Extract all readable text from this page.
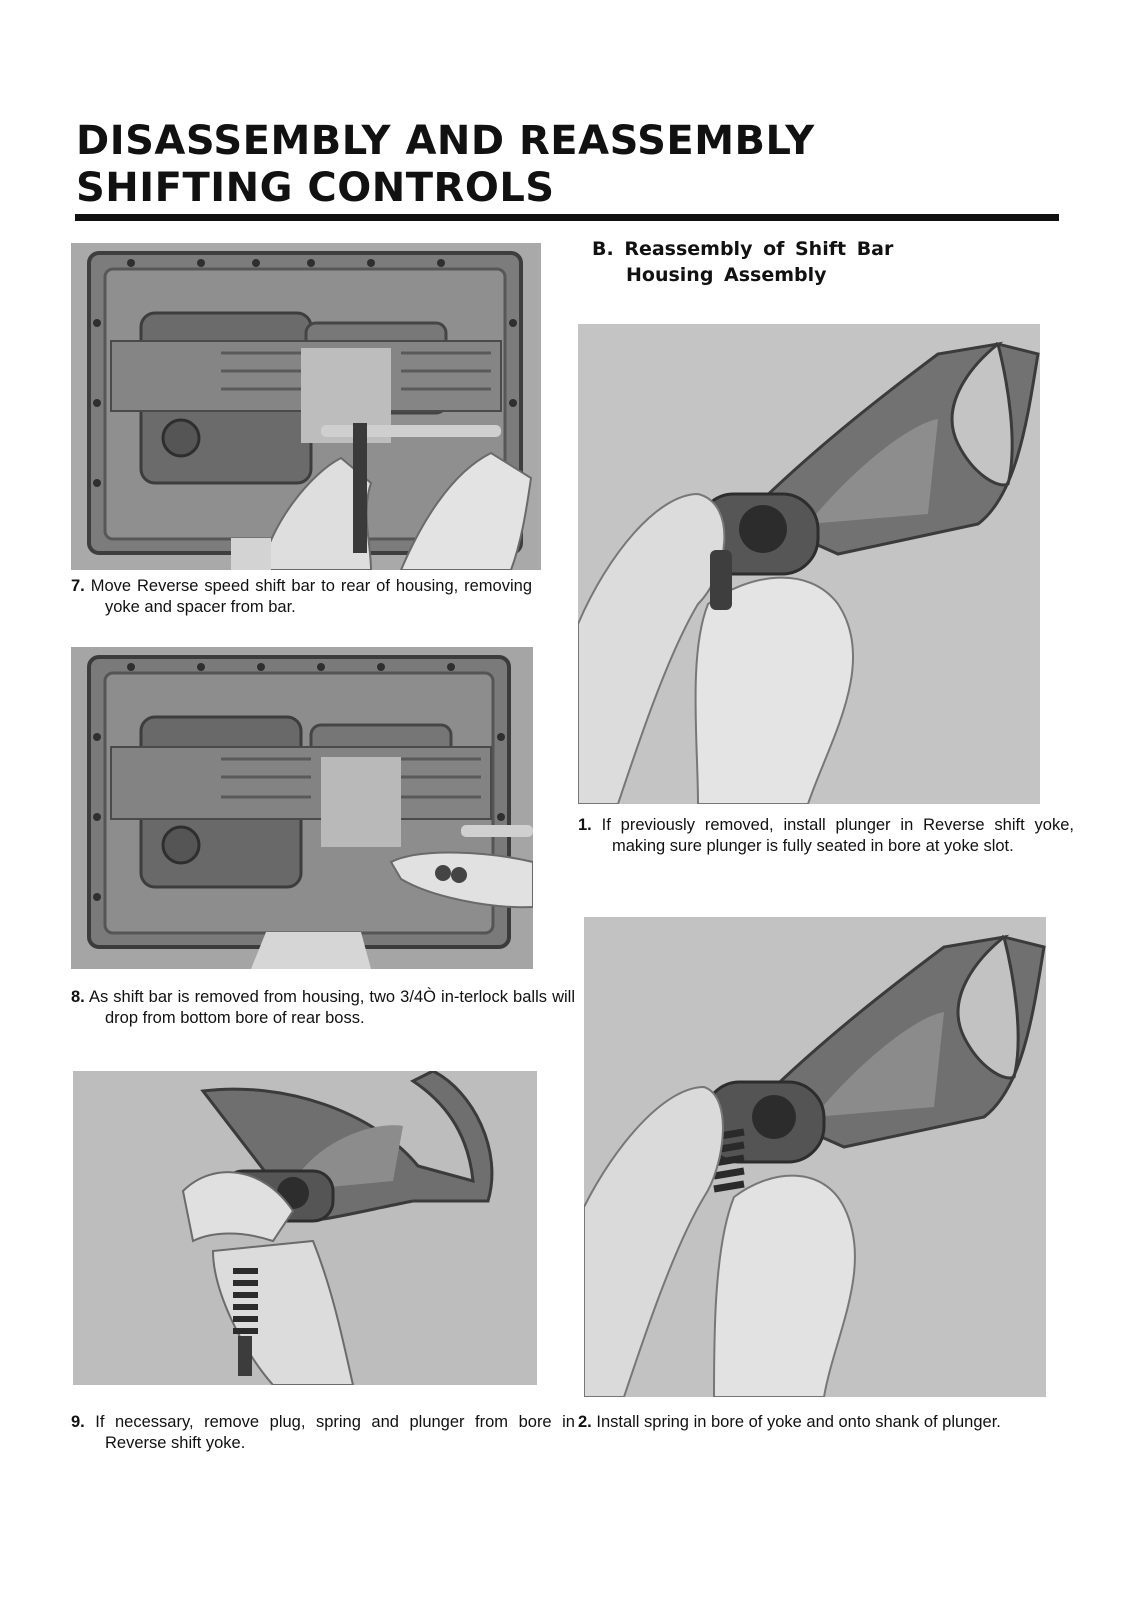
DISASSEMBLY AND REASSEMBLY
SHIFTING CONTROLS
B. Reassembly of Shift Bar
Housing Assembly

7. Move Reverse speed shift bar to rear of housing, removing yoke and spacer from bar.

8. As shift bar is removed from housing, two 3/4Ò in-terlock balls will drop from bottom bore of rear boss.

9. If necessary, remove plug, spring and plunger from bore in Reverse shift yoke.

1. If previously removed, install plunger in Reverse shift yoke, making sure plunger is fully seated in bore at yoke slot.

2. Install spring in bore of yoke and onto shank of plunger.
